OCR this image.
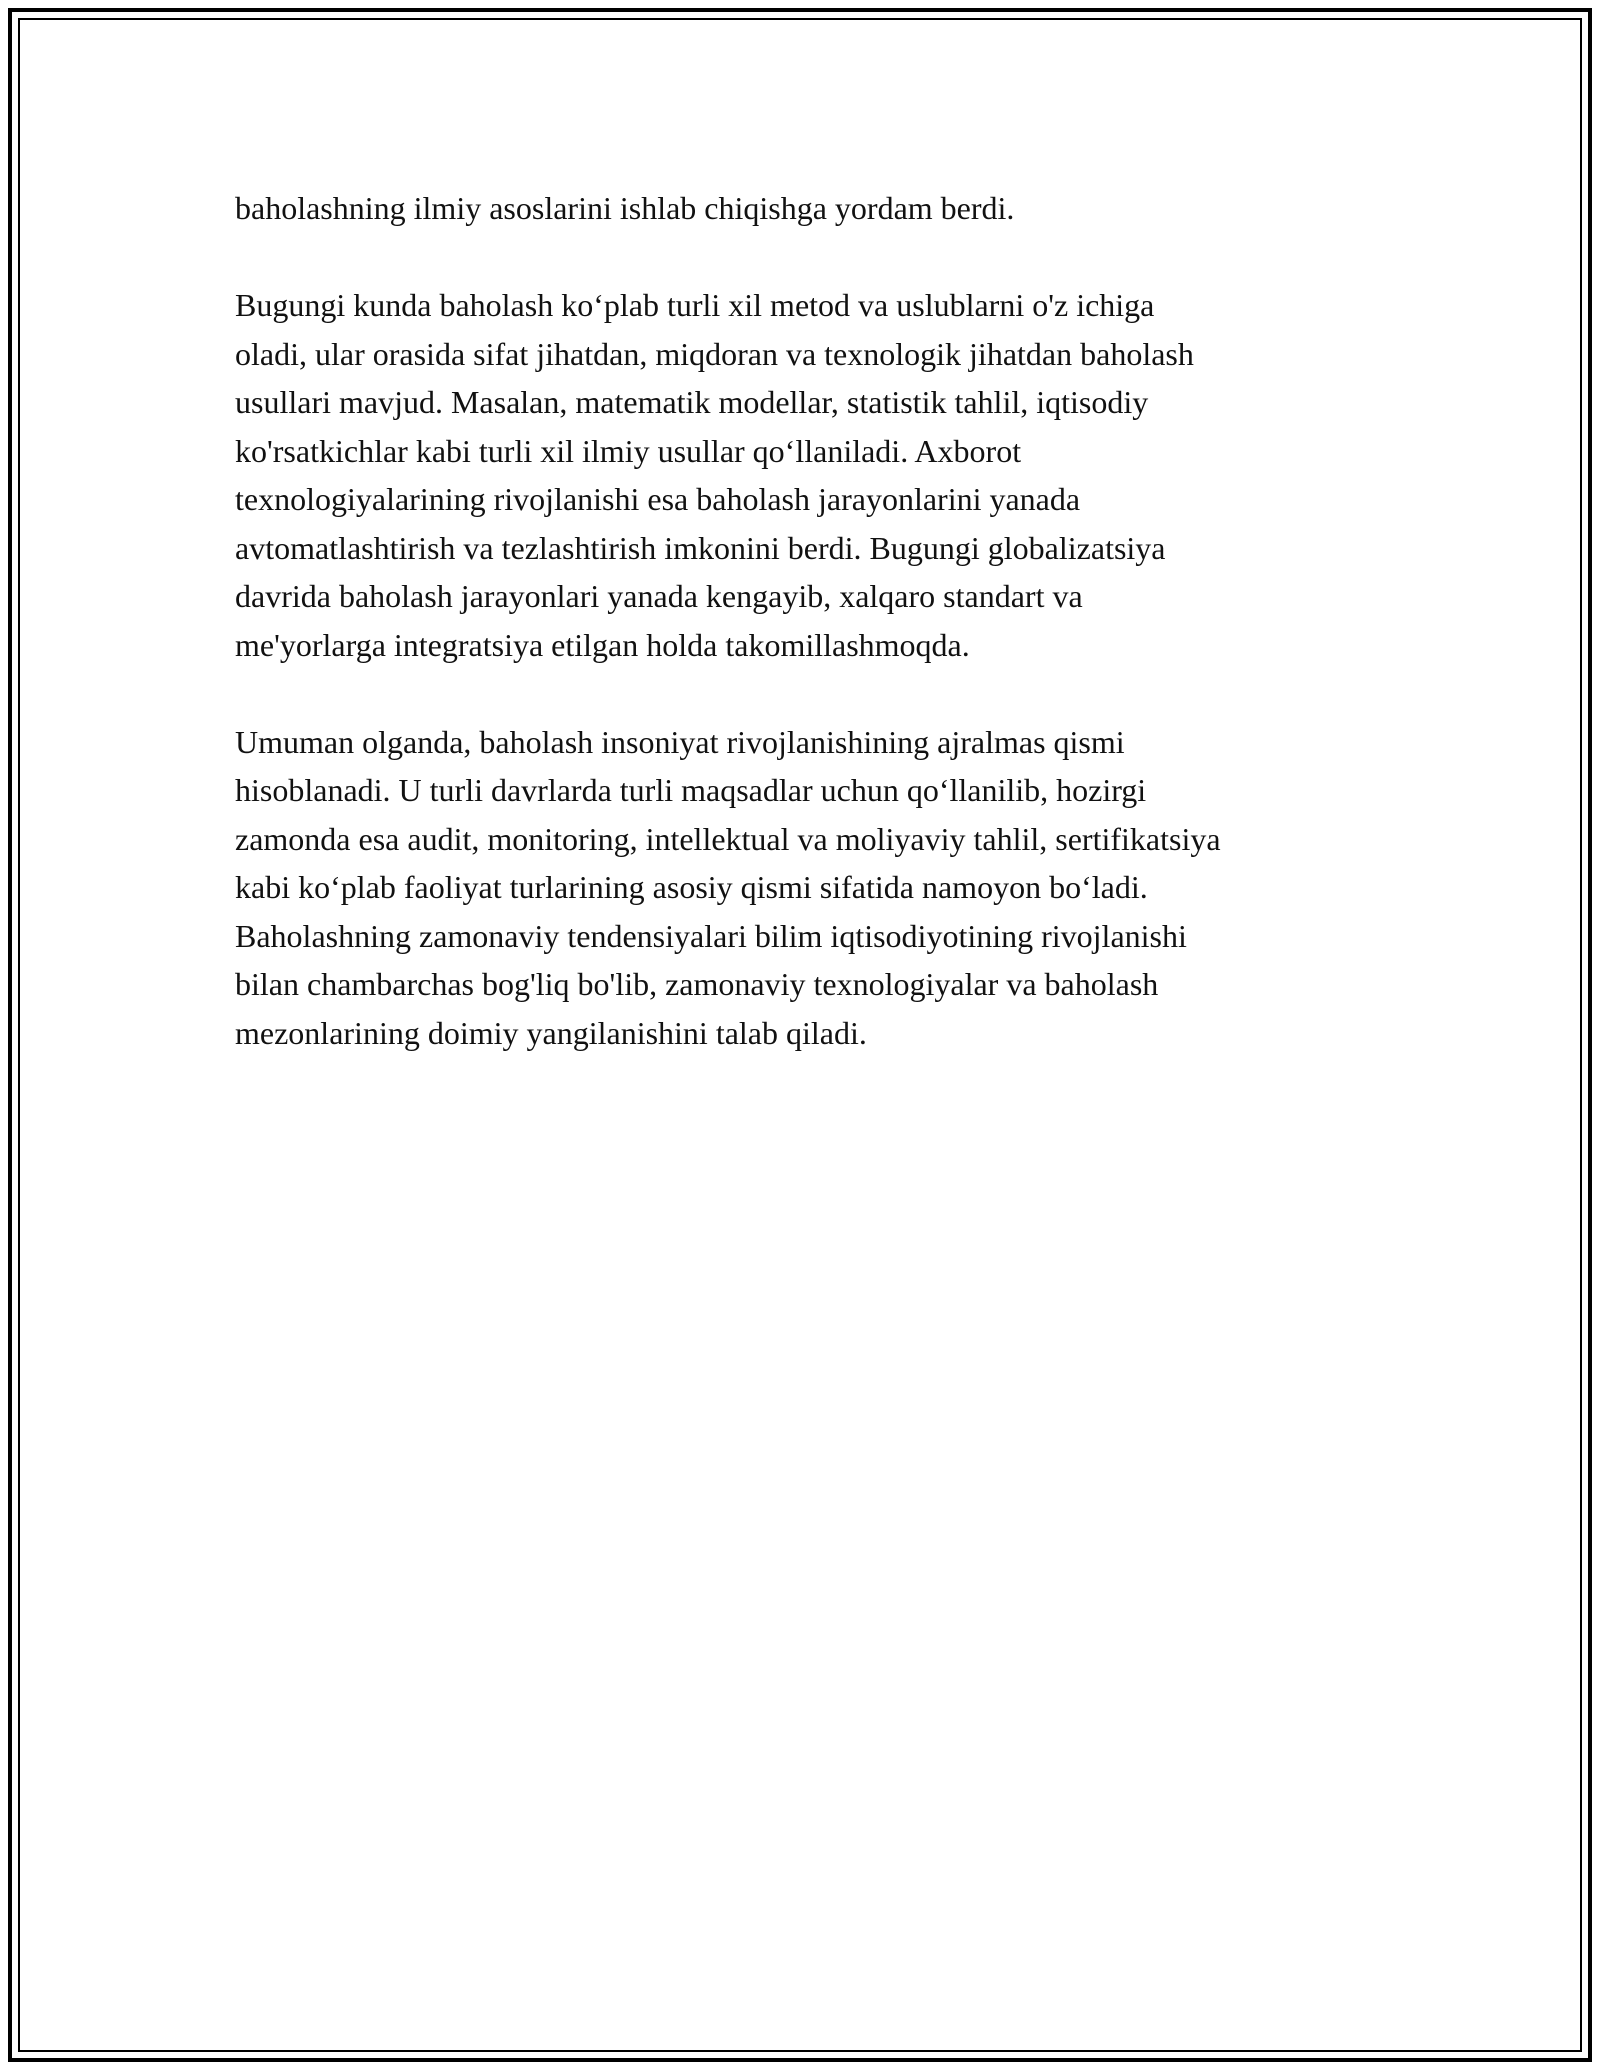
baholashning ilmiy asoslarini ishlab chiqishga yordam berdi.

Bugungi kunda baholash ko‘plab turli xil metod va uslublarni o'z ichiga
oladi, ular orasida sifat jihatdan, miqdoran va texnologik jihatdan baholash
usullari mavjud. Masalan, matematik modellar, statistik tahlil, iqtisodiy
ko'rsatkichlar kabi turli xil ilmiy usullar qo‘llaniladi. Axborot
texnologiyalarining rivojlanishi esa baholash jarayonlarini yanada
avtomatlashtirish va tezlashtirish imkonini berdi. Bugungi globalizatsiya
davrida baholash jarayonlari yanada kengayib, xalqaro standart va
me'yorlarga integratsiya etilgan holda takomillashmoqda.

Umuman olganda, baholash insoniyat rivojlanishining ajralmas qismi
hisoblanadi. U turli davrlarda turli maqsadlar uchun qo‘llanilib, hozirgi
zamonda esa audit, monitoring, intellektual va moliyaviy tahlil, sertifikatsiya
kabi ko‘plab faoliyat turlarining asosiy qismi sifatida namoyon bo‘ladi.
Baholashning zamonaviy tendensiyalari bilim iqtisodiyotining rivojlanishi
bilan chambarchas bog'liq bo'lib, zamonaviy texnologiyalar va baholash
mezonlarining doimiy yangilanishini talab qiladi.
